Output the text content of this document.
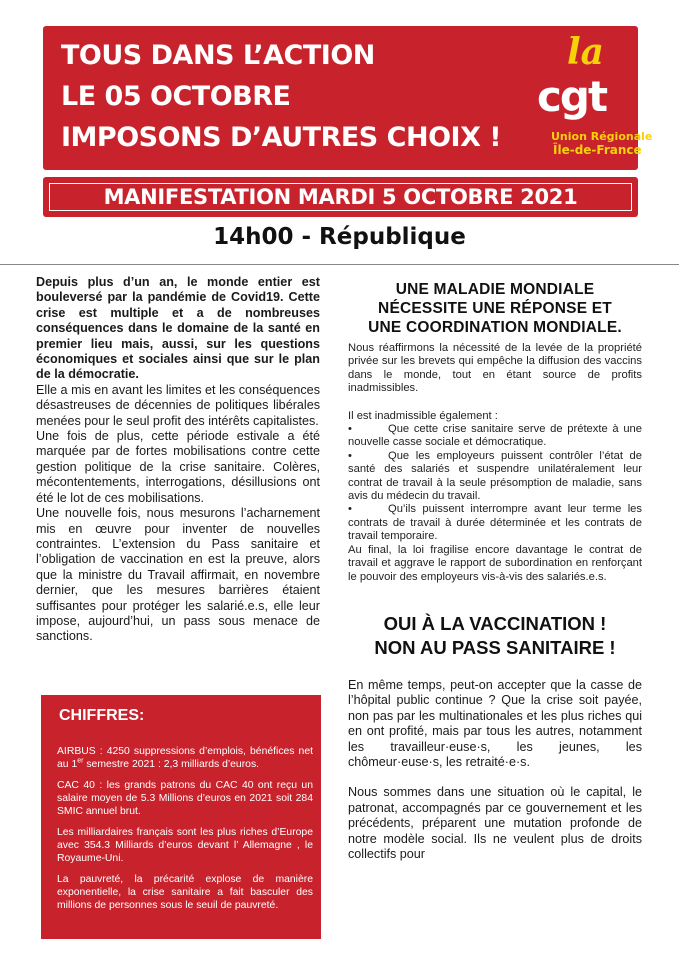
TOUS DANS L’ACTION
LE 05 OCTOBRE
IMPOSONS D’AUTRES CHOIX !
la
cgt
Union Régionale
Île-de-France
MANIFESTATION MARDI 5 OCTOBRE 2021
14h00 - République

Depuis plus d’un an, le monde entier est bouleversé par la pandémie de Covid19. Cette crise est multiple et a de nombreuses conséquences dans le domaine de la santé en premier lieu mais, aussi, sur les questions économiques et sociales ainsi que sur le plan de la démocratie.

Elle a mis en avant les limites et les conséquences désastreuses de décennies de politiques libérales menées pour le seul profit des intérêts capitalistes.

Une fois de plus, cette période estivale a été marquée par de fortes mobilisations contre cette gestion politique de la crise sanitaire. Colères, mécontentements, interrogations, désillusions ont été le lot de ces mobilisations.

Une nouvelle fois, nous mesurons l’acharnement mis en œuvre pour inventer de nouvelles contraintes. L’extension du Pass sanitaire et l’obligation de vaccination en est la preuve, alors que la ministre du Travail affirmait, en novembre dernier, que les mesures barrières étaient suffisantes pour protéger les salarié.e.s, elle leur impose, aujourd’hui, un pass sous menace de sanctions.

CHIFFRES:

AIRBUS : 4250 suppressions d’emplois, bénéfices net au 1er semestre 2021 : 2,3 milliards d’euros.

CAC 40 : les grands patrons du CAC 40 ont reçu un salaire moyen de 5.3 Millions d’euros en 2021 soit 284 SMIC annuel brut.

Les milliardaires français sont les plus riches d’Europe avec 354.3 Milliards d’euros devant l’ Allemagne , le Royaume-Uni.

La pauvreté, la précarité explose de manière exponentielle, la crise sanitaire a fait basculer des millions de personnes sous le seuil de pauvreté.

UNE MALADIE MONDIALE NÉCESSITE UNE RÉPONSE ET UNE COORDINATION MONDIALE.

Nous réaffirmons la nécessité de la levée de la propriété privée sur les brevets qui empêche la diffusion des vaccins dans le monde, tout en étant source de profits inadmissibles.

Il est inadmissible également :

•	Que cette crise sanitaire serve de prétexte à une nouvelle casse sociale et démocratique.

•	Que les employeurs puissent contrôler l’état de santé des salariés et suspendre unilatéralement leur contrat de travail à la seule présomption de maladie, sans avis du médecin du travail.

•	Qu’ils puissent interrompre avant leur terme les contrats de travail à durée déterminée et les contrats de travail temporaire.

Au final, la loi fragilise encore davantage le contrat de travail et aggrave le rapport de subordination en renforçant le pouvoir des employeurs vis-à-vis des salariés.e.s.

OUI À LA VACCINATION !

NON AU PASS SANITAIRE !

En même temps, peut-on accepter que la casse de l’hôpital public continue ? Que la crise soit payée, non pas par les multinationales et les plus riches qui en ont profité, mais par tous les autres, notamment les travailleur·euse·s, les jeunes, les chômeur·euse·s, les retraité·e·s.

Nous sommes dans une situation où le capital, le patronat, accompagnés par ce gouvernement et les précédents, préparent une mutation profonde de notre modèle social. Ils ne veulent plus de droits collectifs pour
